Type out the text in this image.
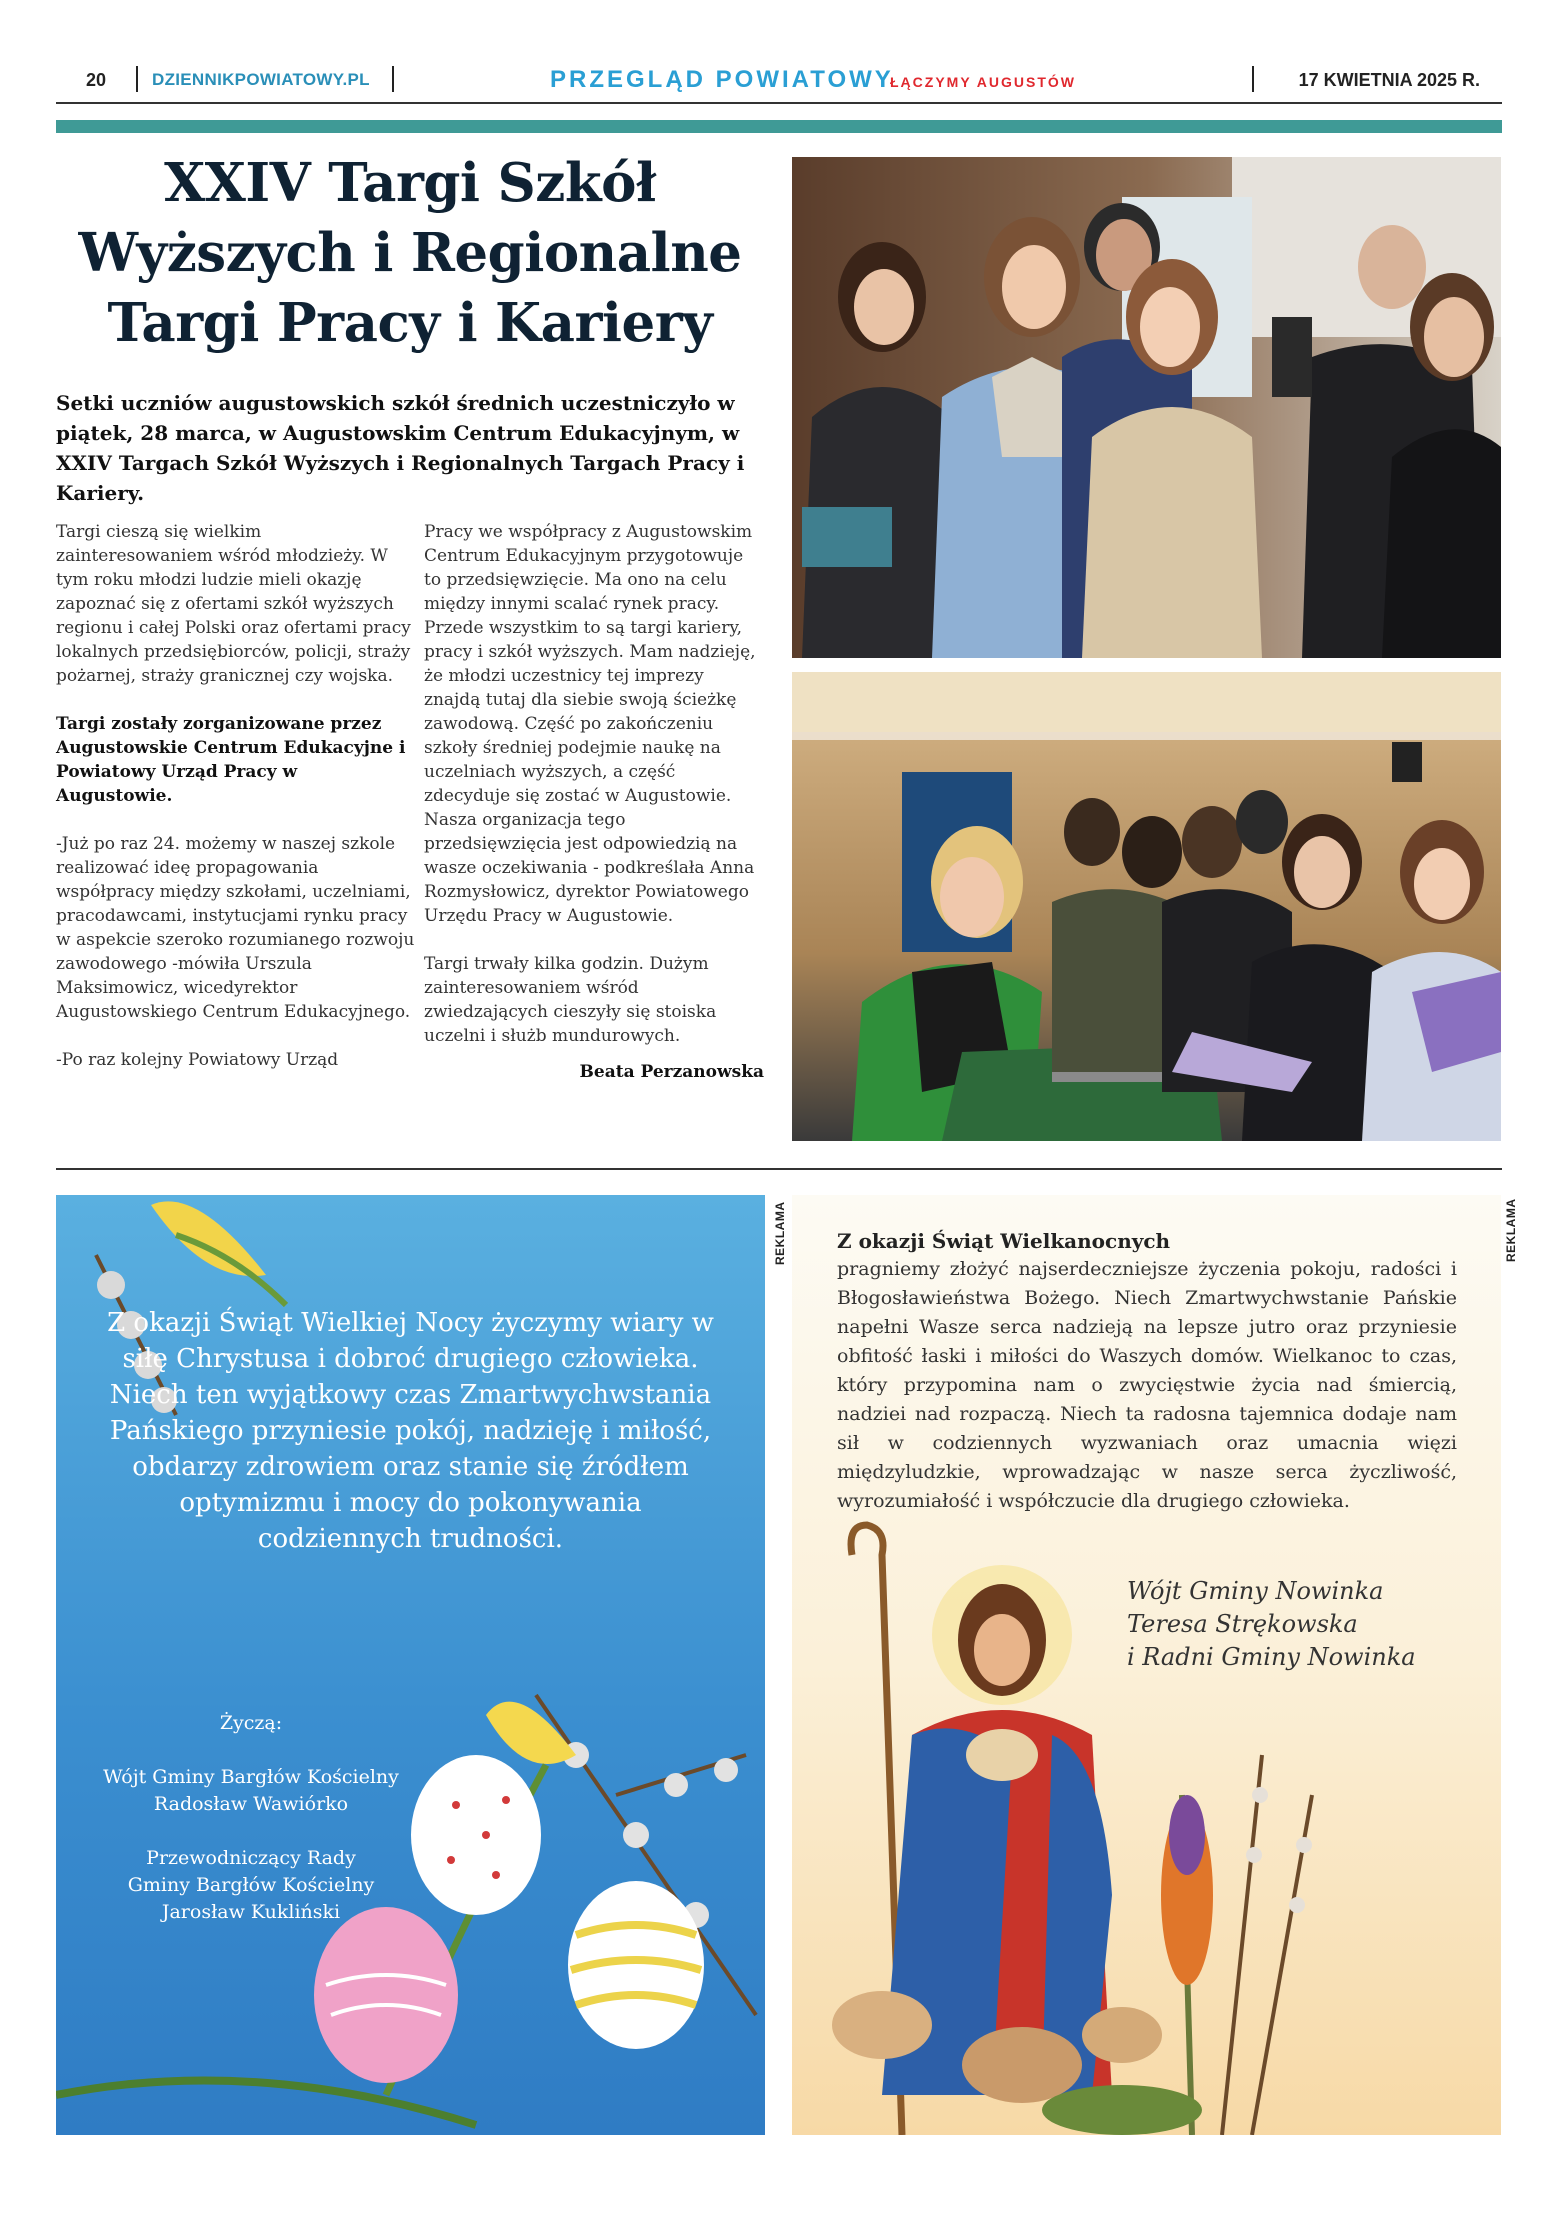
20	DZIENNIKPOWIATOWY.PL	PRZEGLĄD POWIATOWY
ŁĄCZYMY AUGUSTÓW	17 KWIETNIA 2025 R.
XXIV Targi Szkół Wyższych i Regionalne Targi Pracy i Kariery
Setki uczniów augustowskich szkół średnich uczestniczyło w piątek, 28 marca, w Augustowskim Centrum Edukacyjnym, w XXIV Targach Szkół Wyższych i Regionalnych Targach Pracy i Kariery.

Targi cieszą się wielkim zainteresowaniem wśród młodzieży. W tym roku młodzi ludzie mieli okazję zapoznać się z ofertami szkół wyższych regionu i całej Polski oraz ofertami pracy lokalnych przedsiębiorców, policji, straży pożarnej, straży granicznej czy wojska.

Targi zostały zorganizowane przez Augustowskie Centrum Edukacyjne i Powiatowy Urząd Pracy w Augustowie.

-Już po raz 24. możemy w naszej szkole realizować ideę propagowania współpracy między szkołami, uczelniami, pracodawcami, instytucjami rynku pracy w aspekcie szeroko rozumianego rozwoju zawodowego -mówiła Urszula Maksimowicz, wicedyrektor Augustowskiego Centrum Edukacyjnego.

-Po raz kolejny Powiatowy Urząd

Pracy we współpracy z Augustowskim Centrum Edukacyjnym przygotowuje to przedsięwzięcie. Ma ono na celu między innymi scalać rynek pracy. Przede wszystkim to są targi kariery, pracy i szkół wyższych. Mam nadzieję, że młodzi uczestnicy tej imprezy znajdą tutaj dla siebie swoją ścieżkę zawodową. Część po zakończeniu szkoły średniej podejmie naukę na uczelniach wyższych, a część zdecyduje się zostać w Augustowie. Nasza organizacja tego przedsięwzięcia jest odpowiedzią na wasze oczekiwania - podkreślała Anna Rozmysłowicz, dyrektor Powiatowego Urzędu Pracy w Augustowie.

Targi trwały kilka godzin. Dużym zainteresowaniem wśród zwiedzających cieszyły się stoiska uczelni i służb mundurowych.

Beata Perzanowska

Z okazji Świąt Wielkiej Nocy życzymy wiary w siłę Chrystusa i dobroć drugiego człowieka. Niech ten wyjątkowy czas Zmartwychwstania Pańskiego przyniesie pokój, nadzieję i miłość, obdarzy zdrowiem oraz stanie się źródłem optymizmu i mocy do pokonywania codziennych trudności.
Życzą:
Wójt Gminy Bargłów Kościelny
Radosław Wawiórko
Przewodniczący Rady
Gminy Bargłów Kościelny
Jarosław Kukliński
REKLAMA	Z okazji Świąt Wielkanocnych
pragniemy złożyć najserdeczniejsze życzenia pokoju, radości i Błogosławieństwa Bożego. Niech Zmartwychwstanie Pańskie napełni Wasze serca nadzieją na lepsze jutro oraz przyniesie obfitość łaski i miłości do Waszych domów. Wielkanoc to czas, który przypomina nam o zwycięstwie życia nad śmiercią, nadziei nad rozpaczą. Niech ta radosna tajemnica dodaje nam sił w codziennych wyzwaniach oraz umacnia więzi międzyludzkie, wprowadzając w nasze serca życzliwość, wyrozumiałość i współczucie dla drugiego człowieka.
Wójt Gminy Nowinka
Teresa Strękowska
i Radni Gminy Nowinka
REKLAMA
